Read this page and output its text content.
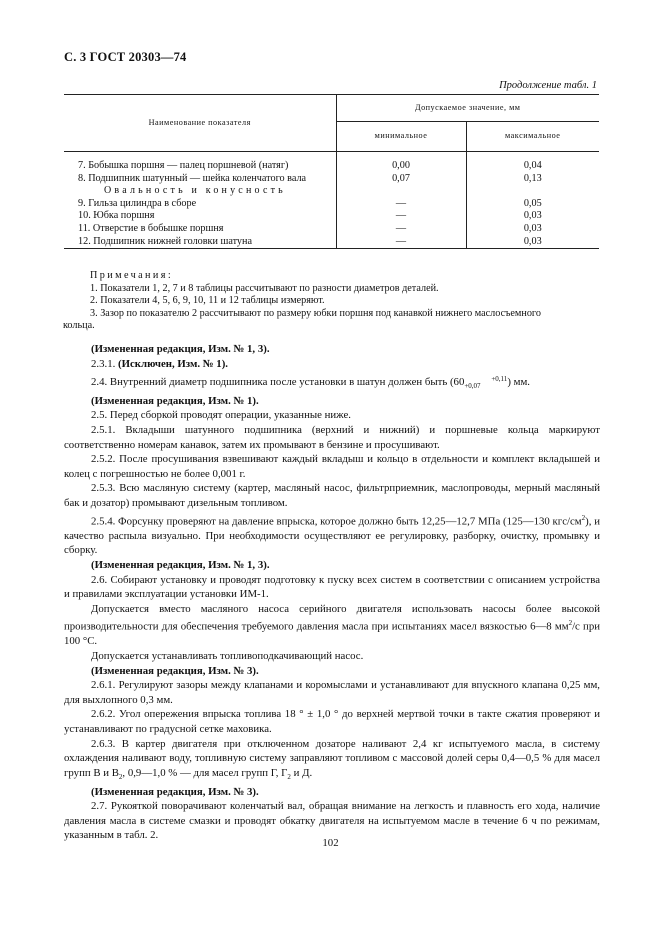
С. 3 ГОСТ 20303—74
Продолжение табл. 1

Наименование показателя	Допускаемое значение, мм	
	минимальное	максимальное

7. Бобышка поршня — палец поршневой (натяг)	0,00	0,04
8. Подшипник шатунный — шейка коленчатого вала	0,07	0,13
Овальность и конусность		
9. Гильза цилиндра в сборе	—	0,05
10. Юбка поршня	—	0,03
11. Отверстие в бобышке поршня	—	0,03
12. Подшипник нижней головки шатуна	—	0,03
Примечания:
1. Показатели 1, 2, 7 и 8 таблицы рассчитывают по разности диаметров деталей.
2. Показатели 4, 5, 6, 9, 10, 11 и 12 таблицы измеряют.
3. Зазор по показателю 2 рассчитывают по размеру юбки поршня под канавкой нижнего маслосъемного
кольца.

(Измененная редакция, Изм. № 1, 3).

2.3.1. (Исключен, Изм. № 1).

2.4. Внутренний диаметр подшипника после установки в шатун должен быть (60	+0,11
+0,07 ) мм.

(Измененная редакция, Изм. № 1).

2.5. Перед сборкой проводят операции, указанные ниже.

2.5.1. Вкладыши шатунного подшипника (верхний и нижний) и поршневые кольца маркируют соответственно номерам канавок, затем их промывают в бензине и просушивают.

2.5.2. После просушивания взвешивают каждый вкладыш и кольцо в отдельности и комплект вкладышей и колец с погрешностью не более 0,001 г.

2.5.3. Всю масляную систему (картер, масляный насос, фильтрприемник, маслопроводы, мерный масляный бак и дозатор) промывают дизельным топливом.

2.5.4. Форсунку проверяют на давление впрыска, которое должно быть 12,25—12,7 МПа (125—130 кгс/$см^2$), и качество распыла визуально. При необходимости осуществляют ее регулировку, разборку, очистку, промывку и сборку.

(Измененная редакция, Изм. № 1, 3).

2.6. Собирают установку и проводят подготовку к пуску всех систем в соответствии с описанием устройства и правилами эксплуатации установки ИМ-1.

Допускается вместо масляного насоса серийного двигателя использовать насосы более высокой производительности для обеспечения требуемого давления масла при испытаниях масел вязкостью 6—8 $мм^2/с$ при 100 °С.

Допускается устанавливать топливоподкачивающий насос.

(Измененная редакция, Изм. № 3).

2.6.1. Регулируют зазоры между клапанами и коромыслами и устанавливают для впускного клапана 0,25 мм, для выхлопного 0,3 мм.

2.6.2. Угол опережения впрыска топлива 18 ° ± 1,0 ° до верхней мертвой точки в такте сжатия проверяют и устанавливают по градусной сетке маховика.

2.6.3. В картер двигателя при отключенном дозаторе наливают 2,4 кг испытуемого масла, в систему охлаждения наливают воду, топливную систему заправляют топливом с массовой долей серы 0,4—0,5 % для масел групп В и $В_2$, 0,9—1,0 % — для масел групп Г, $Г_2$ и Д.

(Измененная редакция, Изм. № 3).

2.7. Рукояткой поворачивают коленчатый вал, обращая внимание на легкость и плавность его хода, наличие давления масла в системе смазки и проводят обкатку двигателя на испытуемом масле в течение 6 ч по режимам, указанным в табл. 2.

102
